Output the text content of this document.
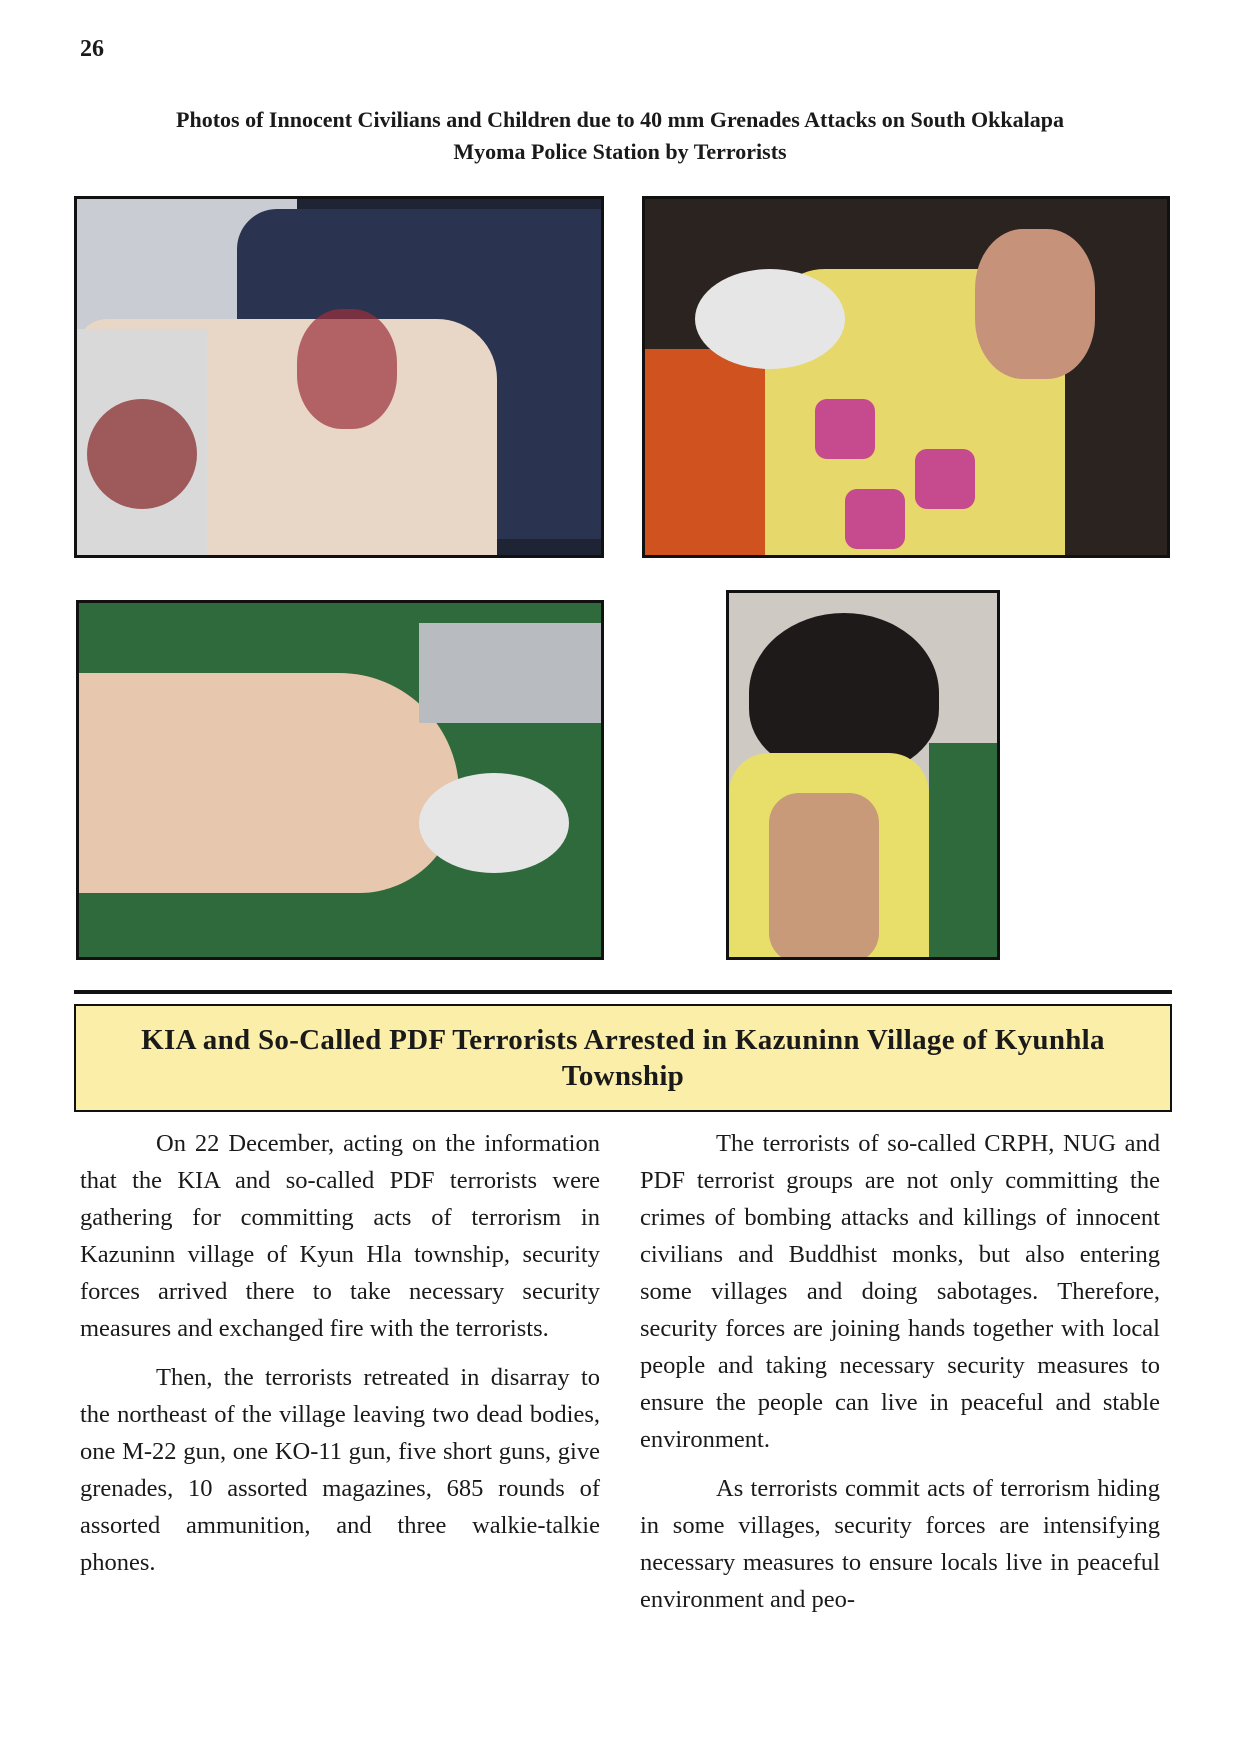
26
Photos of Innocent Civilians and Children due to 40 mm Grenades Attacks on South Okkalapa
Myoma Police Station by Terrorists
KIA and So-Called PDF Terrorists Arrested in Kazuninn Village of Kyunhla
Township

On 22 December, acting on the information that the KIA and so-called PDF terrorists were gathering for committing acts of terrorism in Kazuninn village of Kyun Hla township, security forces arrived there to take necessary security measures and exchanged fire with the terrorists.

Then, the terrorists retreated in disarray to the northeast of the village leaving two dead bodies, one M-22 gun, one KO-11 gun, five short guns, give grenades, 10 assorted magazines, 685 rounds of assorted ammunition, and three walkie-talkie phones.

The terrorists of so-called CRPH, NUG and PDF terrorist groups are not only committing the crimes of bombing attacks and killings of innocent civilians and Buddhist monks, but also entering some villages and doing sabotages. Therefore, security forces are joining hands together with local people and taking necessary security measures to ensure the people can live in peaceful and stable environment.

As terrorists commit acts of terrorism hiding in some villages, security forces are intensifying necessary measures to ensure locals live in peaceful environment and peo-
